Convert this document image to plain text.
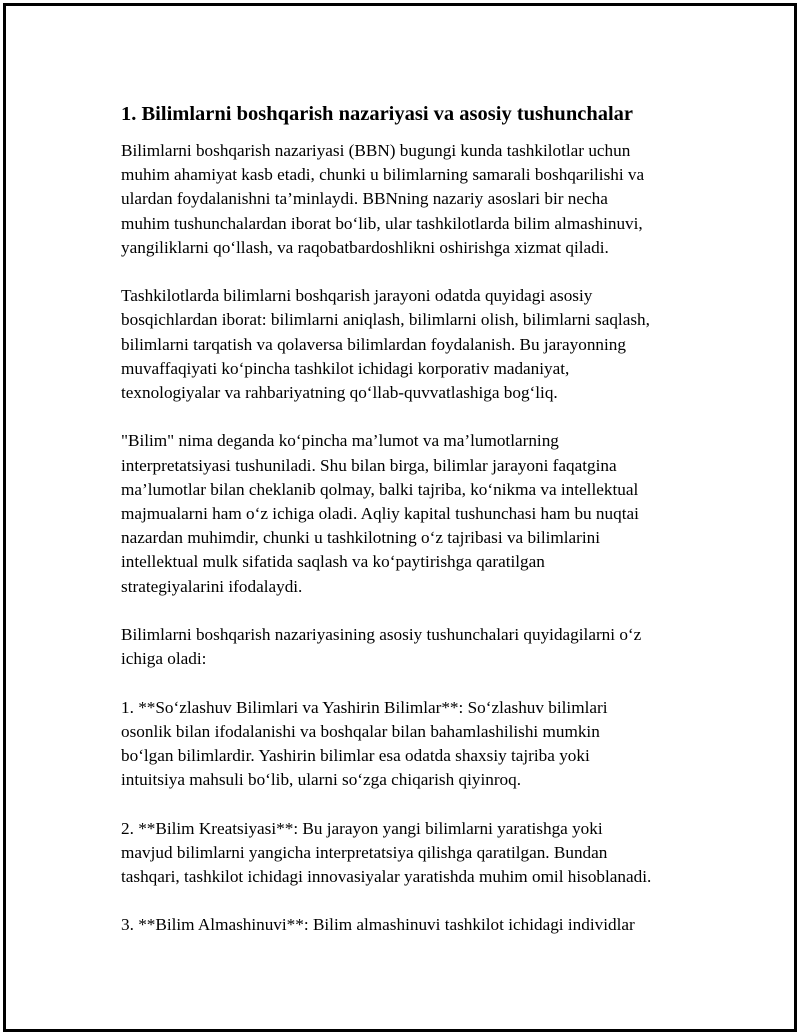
1. Bilimlarni boshqarish nazariyasi va asosiy tushunchalar

Bilimlarni boshqarish nazariyasi (BBN) bugungi kunda tashkilotlar uchun
muhim ahamiyat kasb etadi, chunki u bilimlarning samarali boshqarilishi va
ulardan foydalanishni ta’minlaydi. BBNning nazariy asoslari bir necha
muhim tushunchalardan iborat bo‘lib, ular tashkilotlarda bilim almashinuvi,
yangiliklarni qo‘llash, va raqobatbardoshlikni oshirishga xizmat qiladi.

Tashkilotlarda bilimlarni boshqarish jarayoni odatda quyidagi asosiy
bosqichlardan iborat: bilimlarni aniqlash, bilimlarni olish, bilimlarni saqlash,
bilimlarni tarqatish va qolaversa bilimlardan foydalanish. Bu jarayonning
muvaffaqiyati ko‘pincha tashkilot ichidagi korporativ madaniyat,
texnologiyalar va rahbariyatning qo‘llab-quvvatlashiga bog‘liq.

"Bilim" nima deganda ko‘pincha ma’lumot va ma’lumotlarning
interpretatsiyasi tushuniladi. Shu bilan birga, bilimlar jarayoni faqatgina
ma’lumotlar bilan cheklanib qolmay, balki tajriba, ko‘nikma va intellektual
majmualarni ham o‘z ichiga oladi. Aqliy kapital tushunchasi ham bu nuqtai
nazardan muhimdir, chunki u tashkilotning o‘z tajribasi va bilimlarini
intellektual mulk sifatida saqlash va ko‘paytirishga qaratilgan
strategiyalarini ifodalaydi.

Bilimlarni boshqarish nazariyasining asosiy tushunchalari quyidagilarni o‘z
ichiga oladi:

1. **So‘zlashuv Bilimlari va Yashirin Bilimlar**: So‘zlashuv bilimlari
osonlik bilan ifodalanishi va boshqalar bilan bahamlashilishi mumkin
bo‘lgan bilimlardir. Yashirin bilimlar esa odatda shaxsiy tajriba yoki
intuitsiya mahsuli bo‘lib, ularni so‘zga chiqarish qiyinroq.

2. **Bilim Kreatsiyasi**: Bu jarayon yangi bilimlarni yaratishga yoki
mavjud bilimlarni yangicha interpretatsiya qilishga qaratilgan. Bundan
tashqari, tashkilot ichidagi innovasiyalar yaratishda muhim omil hisoblanadi.

3. **Bilim Almashinuvi**: Bilim almashinuvi tashkilot ichidagi individlar
